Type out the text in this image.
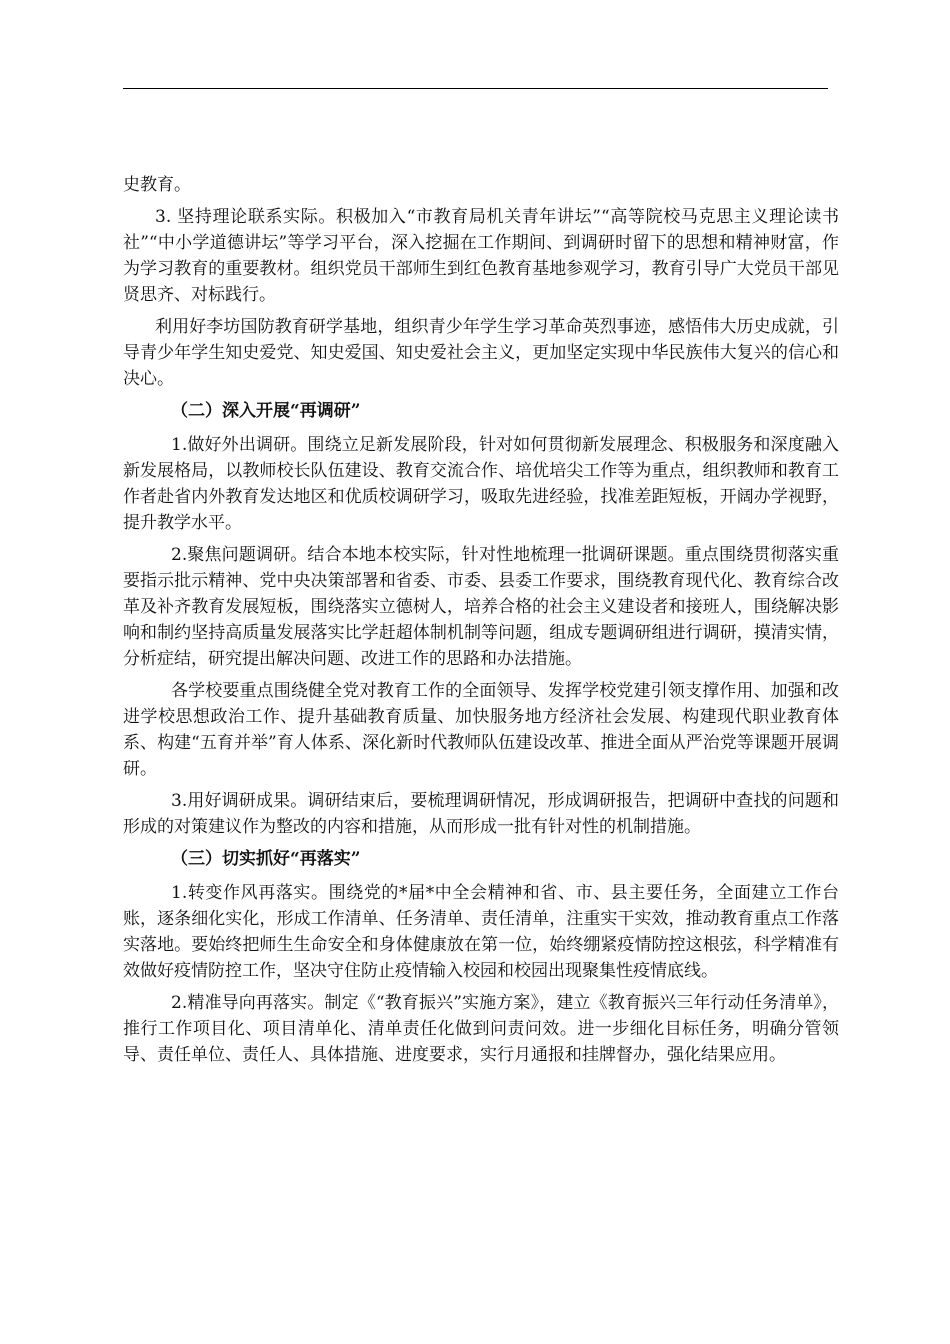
史教育。

3. 坚持理论联系实际。积极加入“市教育局机关青年讲坛”“高等院校马克思主义理论读书社”“中小学道德讲坛”等学习平台，深入挖掘在工作期间、到调研时留下的思想和精神财富，作为学习教育的重要教材。组织党员干部师生到红色教育基地参观学习，教育引导广大党员干部见贤思齐、对标践行。

利用好李坊国防教育研学基地，组织青少年学生学习革命英烈事迹，感悟伟大历史成就，引导青少年学生知史爱党、知史爱国、知史爱社会主义，更加坚定实现中华民族伟大复兴的信心和决心。

（二）深入开展“再调研”

1.做好外出调研。围绕立足新发展阶段，针对如何贯彻新发展理念、积极服务和深度融入新发展格局，以教师校长队伍建设、教育交流合作、培优培尖工作等为重点，组织教师和教育工作者赴省内外教育发达地区和优质校调研学习，吸取先进经验，找准差距短板，开阔办学视野，提升教学水平。

2.聚焦问题调研。结合本地本校实际，针对性地梳理一批调研课题。重点围绕贯彻落实重要指示批示精神、党中央决策部署和省委、市委、县委工作要求，围绕教育现代化、教育综合改革及补齐教育发展短板，围绕落实立德树人，培养合格的社会主义建设者和接班人，围绕解决影响和制约坚持高质量发展落实比学赶超体制机制等问题，组成专题调研组进行调研，摸清实情，分析症结，研究提出解决问题、改进工作的思路和办法措施。

各学校要重点围绕健全党对教育工作的全面领导、发挥学校党建引领支撑作用、加强和改进学校思想政治工作、提升基础教育质量、加快服务地方经济社会发展、构建现代职业教育体系、构建“五育并举”育人体系、深化新时代教师队伍建设改革、推进全面从严治党等课题开展调研。

3.用好调研成果。调研结束后，要梳理调研情况，形成调研报告，把调研中查找的问题和形成的对策建议作为整改的内容和措施，从而形成一批有针对性的机制措施。

（三）切实抓好“再落实”

1.转变作风再落实。围绕党的*届*中全会精神和省、市、县主要任务，全面建立工作台账，逐条细化实化，形成工作清单、任务清单、责任清单，注重实干实效，推动教育重点工作落实落地。要始终把师生生命安全和身体健康放在第一位，始终绷紧疫情防控这根弦，科学精准有效做好疫情防控工作，坚决守住防止疫情输入校园和校园出现聚集性疫情底线。

2.精准导向再落实。制定《“教育振兴”实施方案》，建立《教育振兴三年行动任务清单》，推行工作项目化、项目清单化、清单责任化做到问责问效。进一步细化目标任务，明确分管领导、责任单位、责任人、具体措施、进度要求，实行月通报和挂牌督办，强化结果应用。
